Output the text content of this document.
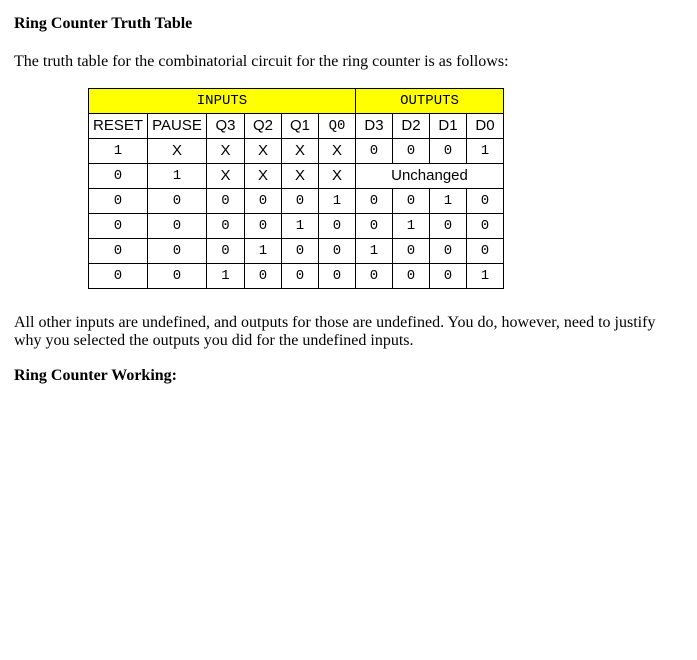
Ring Counter Truth Table

The truth table for the combinatorial circuit for the ring counter is as follows:

INPUTS						OUTPUTS			
RESET	PAUSE	Q3	Q2	Q1	Q0	D3	D2	D1	D0
1	X	X	X	X	X	0	0	0	1
0	1	X	X	X	X	Unchanged			
0	0	0	0	0	1	0	0	1	0
0	0	0	0	1	0	0	1	0	0
0	0	0	1	0	0	1	0	0	0
0	0	1	0	0	0	0	0	0	1

All other inputs are undefined, and outputs for those are undefined. You do, however, need to justify why you selected the outputs you did for the undefined inputs.

Ring Counter Working:
